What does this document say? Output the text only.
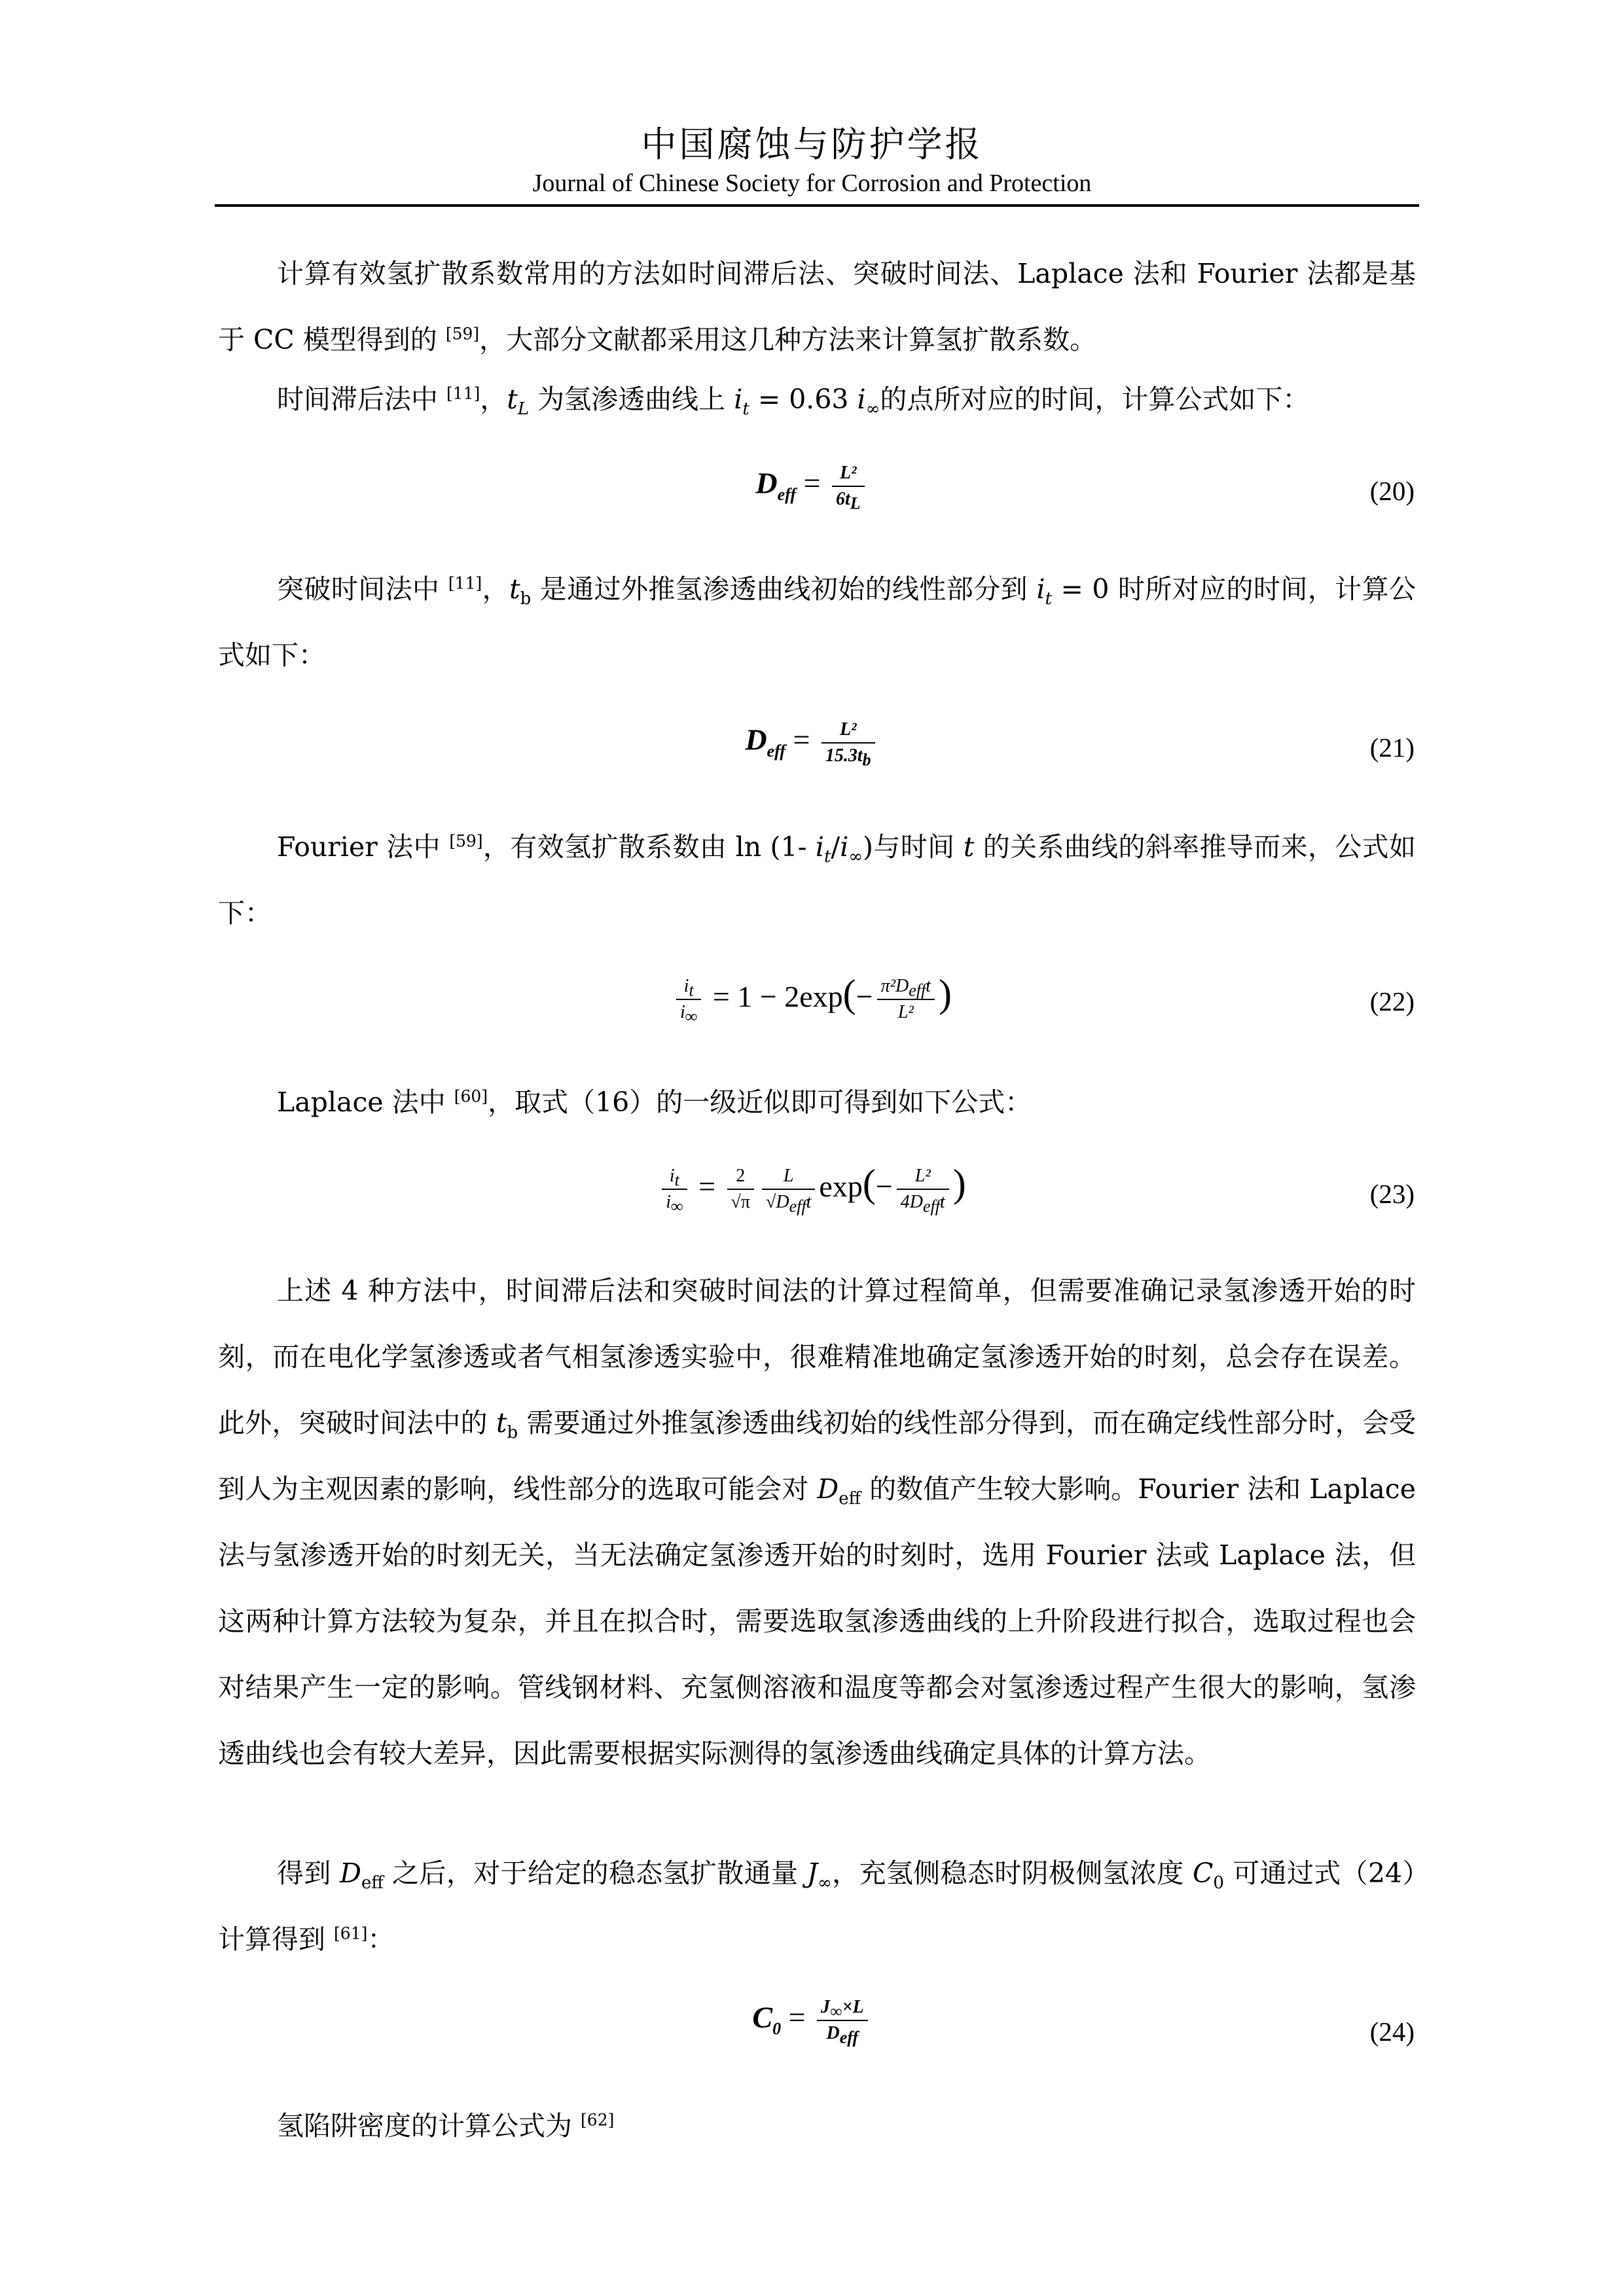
中国腐蚀与防护学报
Journal of Chinese Society for Corrosion and Protection
计算有效氢扩散系数常用的方法如时间滞后法、突破时间法、Laplace 法和 Fourier 法都是基于 CC 模型得到的 [59]，大部分文献都采用这几种方法来计算氢扩散系数。
时间滞后法中 [11]，$t_L$ 为氢渗透曲线上 $i_t = 0.63$ $i_\infty$的点所对应的时间，计算公式如下：
$D_{eff} = \frac{\text{L²}}{6t_L}$	(20)
突破时间法中 [11]，$t_b$ 是通过外推氢渗透曲线初始的线性部分到 $i_t = 0$ 时所对应的时间，计算公式如下：
$D_{eff} = \frac{\text{L²}}{15.3t_b}$	(21)
Fourier 法中 [59]，有效氢扩散系数由 ln (1- $i_t/i_\infty$)与时间 t 的关系曲线的斜率推导而来，公式如下：
$\frac{i_t}{i_\infty} = 1 - 2\exp(- \frac{\pi^2D_{eff}t}{\text{L²}}$ )	(22)
Laplace 法中 [60]，取式（16）的一级近似即可得到如下公式：
$\frac{i_t}{i_\infty} = \frac{2}{√\pi} \frac{L}{√D_{eff}t} \exp(- \frac{\text{L²}}{4D_{eff}t}$ )	(23)
上述 4 种方法中，时间滞后法和突破时间法的计算过程简单，但需要准确记录氢渗透开始的时刻，而在电化学氢渗透或者气相氢渗透实验中，很难精准地确定氢渗透开始的时刻，总会存在误差。此外，突破时间法中的 $t_b$ 需要通过外推氢渗透曲线初始的线性部分得到，而在确定线性部分时，会受到人为主观因素的影响，线性部分的选取可能会对 $D_{eff}$ 的数值产生较大影响。Fourier 法和 Laplace 法与氢渗透开始的时刻无关，当无法确定氢渗透开始的时刻时，选用 Fourier 法或 Laplace 法，但这两种计算方法较为复杂，并且在拟合时，需要选取氢渗透曲线的上升阶段进行拟合，选取过程也会对结果产生一定的影响。管线钢材料、充氢侧溶液和温度等都会对氢渗透过程产生很大的影响，氢渗透曲线也会有较大差异，因此需要根据实际测得的氢渗透曲线确定具体的计算方法。
得到 $D_{eff}$ 之后，对于给定的稳态氢扩散通量 $J_\infty$，充氢侧稳态时阴极侧氢浓度 $C_0$ 可通过式（24）计算得到 [61]：
$C_0 = \frac{J_\infty\times L}{D_{eff}}$	(24)
氢陷阱密度的计算公式为 [62]
